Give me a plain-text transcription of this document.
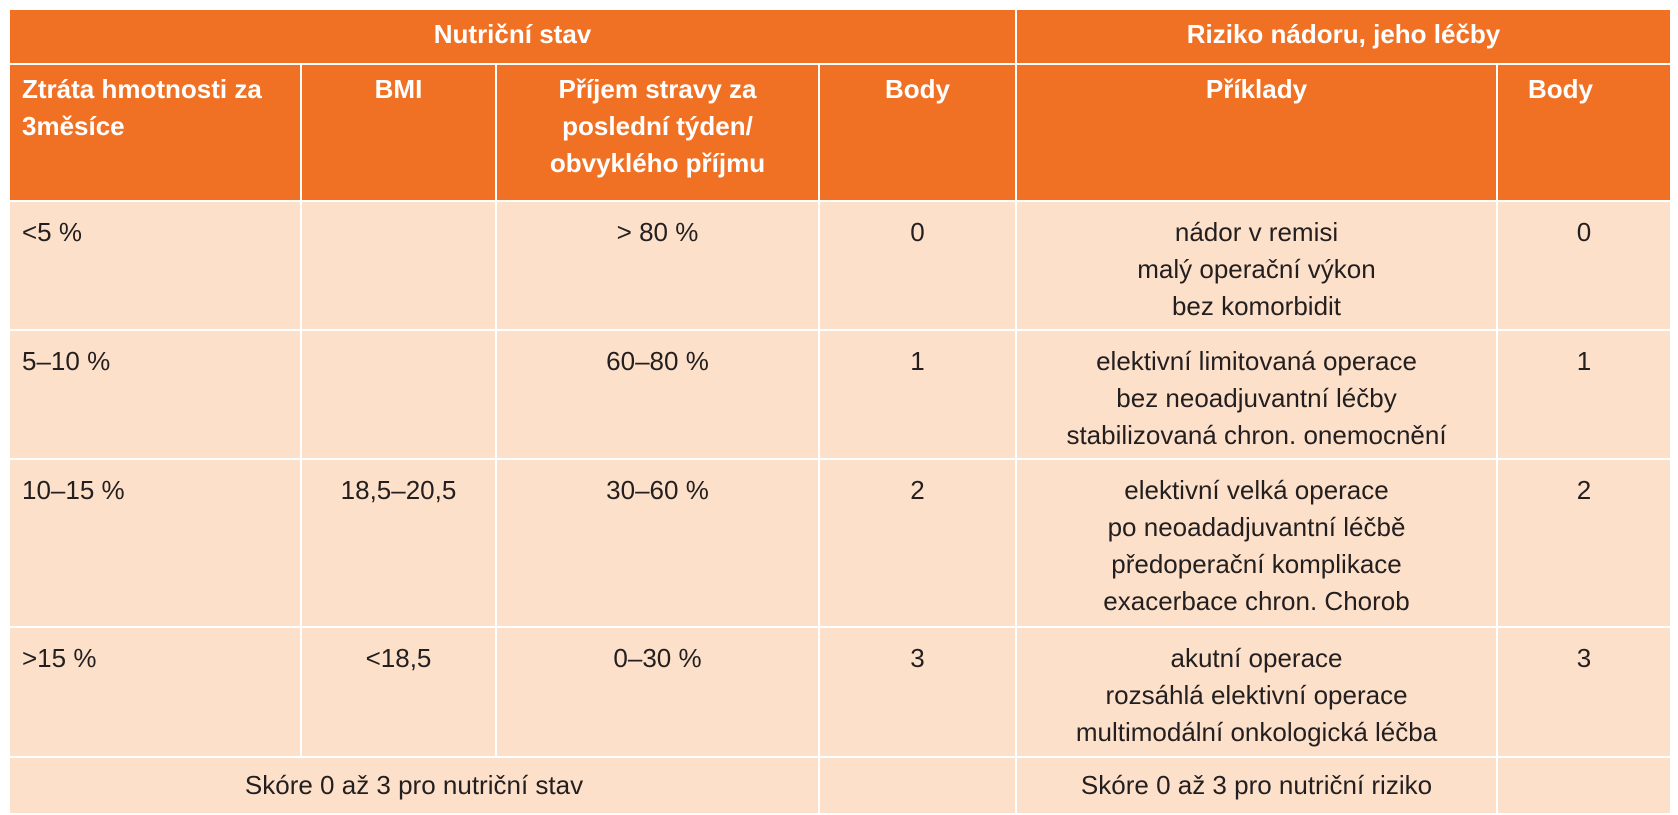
Nutriční stav				Riziko nádoru, jeho léčby	
Ztráta hmotnosti za 3měsíce	BMI	Příjem stravy za poslední týden/ obvyklého příjmu	Body	Příklady	Body
<5 %		> 80 %	0	nádor v remisi
malý operační výkon
bez komorbidit	0
5–10 %		60–80 %	1	elektivní limitovaná operace
bez neoadjuvantní léčby
stabilizovaná chron. onemocnění	1
10–15 %	18,5–20,5	30–60 %	2	elektivní velká operace
po neoadadjuvantní léčbě
předoperační komplikace
exacerbace chron. Chorob	2
>15 %	<18,5	0–30 %	3	akutní operace
rozsáhlá elektivní operace
multimodální onkologická léčba	3
Skóre 0 až 3 pro nutriční stav				Skóre 0 až 3 pro nutriční riziko	
